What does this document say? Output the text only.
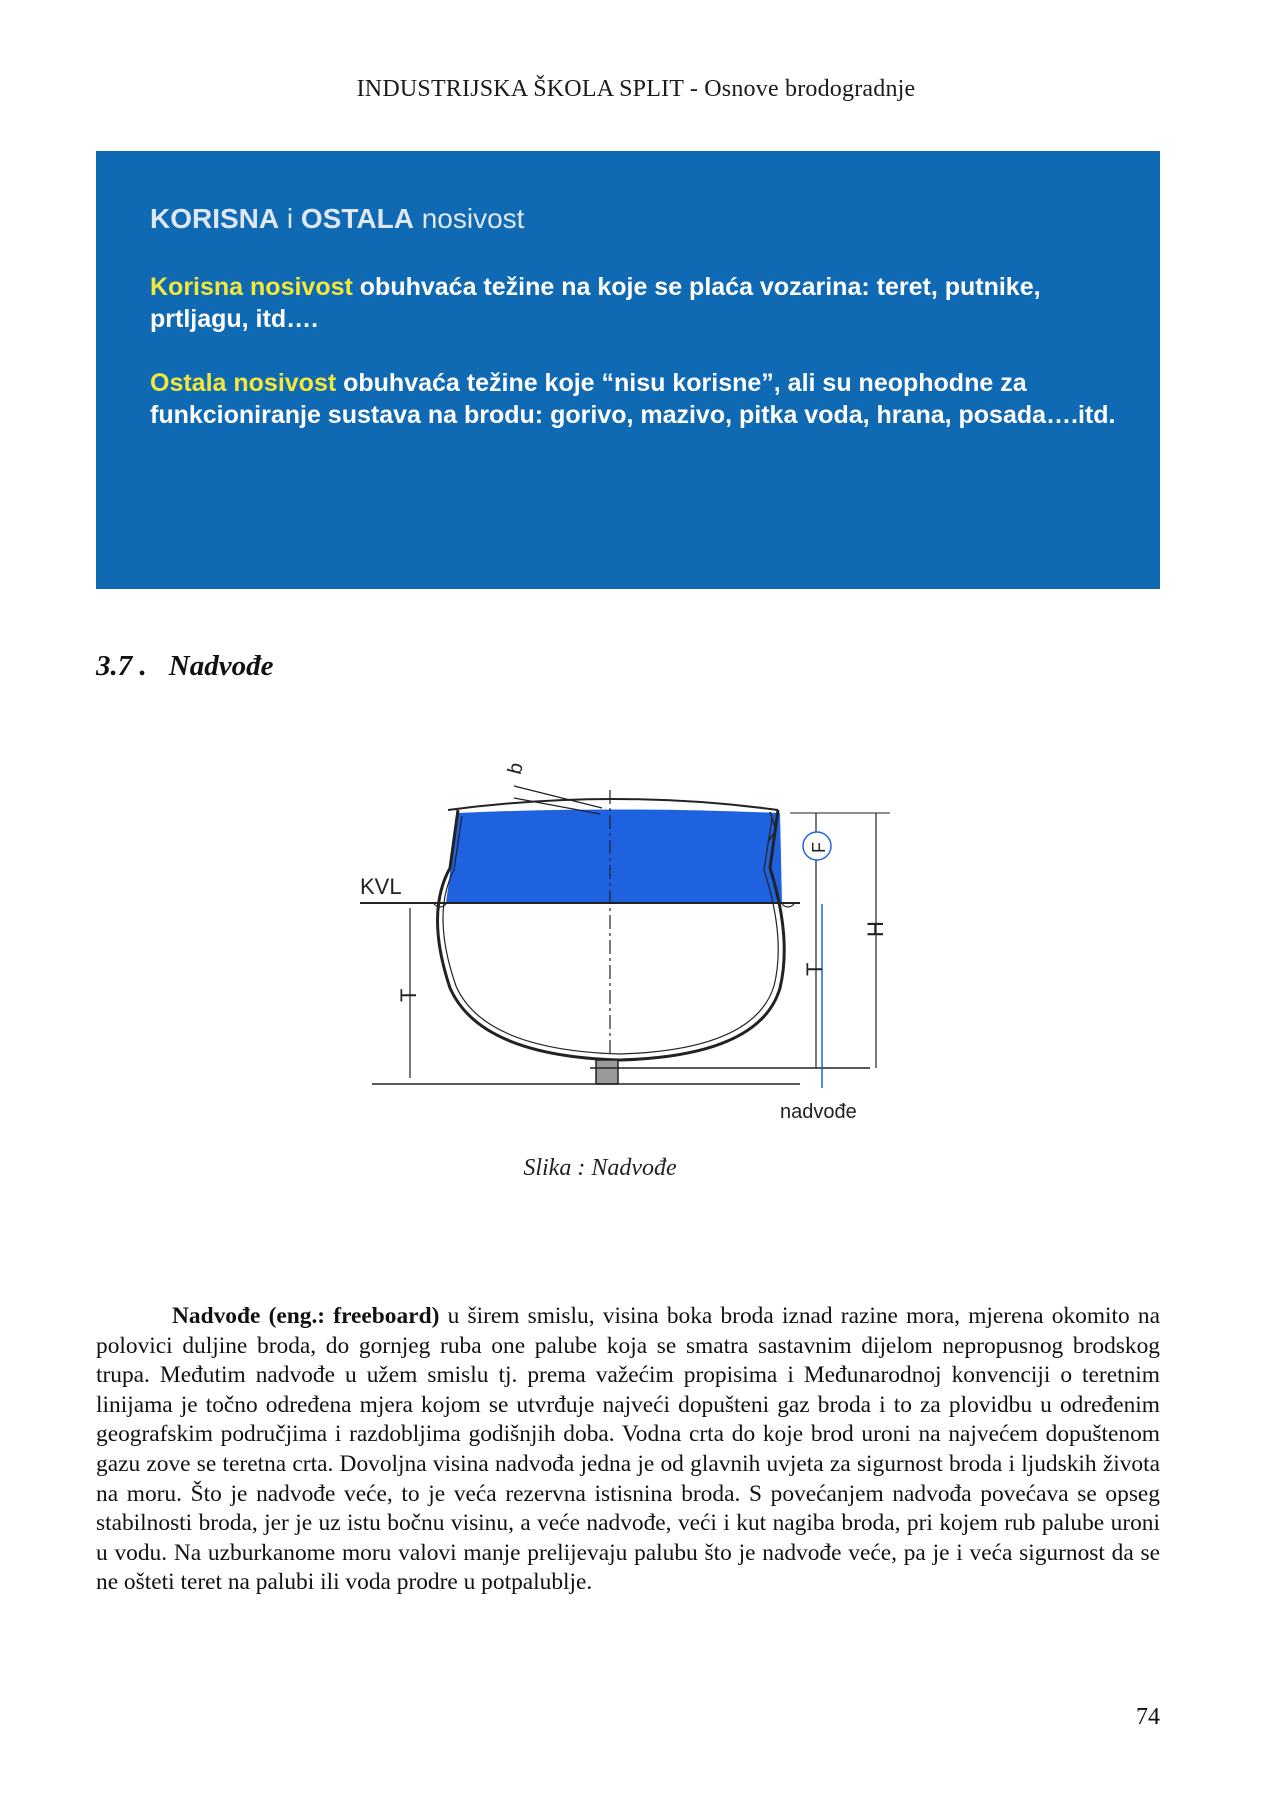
INDUSTRIJSKA ŠKOLA SPLIT - Osnove brodogradnje
KORISNA i OSTALA nosivost
Korisna nosivost obuhvaća težine na koje se plaća vozarina: teret, putnike, prtljagu, itd….
Ostala nosivost obuhvaća težine koje “nisu korisne”, ali su neophodne za funkcioniranje sustava na brodu: gorivo, mazivo, pitka voda, hrana, posada….itd.
3.7 . Nadvođe
KVL
b
F
H
T
T
nadvođe
Slika : Nadvođe
Nadvođe (eng.: freeboard) u širem smislu, visina boka broda iznad razine mora, mjerena okomito na polovici duljine broda, do gornjeg ruba one palube koja se smatra sastavnim dijelom nepropusnog brodskog trupa. Međutim nadvođe u užem smislu tj. prema važećim propisima i Međunarodnoj konvenciji o teretnim linijama je točno određena mjera kojom se utvrđuje najveći dopušteni gaz broda i to za plovidbu u određenim geografskim područjima i razdobljima godišnjih doba. Vodna crta do koje brod uroni na najvećem dopuštenom gazu zove se teretna crta. Dovoljna visina nadvođa jedna je od glavnih uvjeta za sigurnost broda i ljudskih života na moru. Što je nadvođe veće, to je veća rezervna istisnina broda. S povećanjem nadvođa povećava se opseg stabilnosti broda, jer je uz istu bočnu visinu, a veće nadvođe, veći i kut nagiba broda, pri kojem rub palube uroni u vodu. Na uzburkanome moru valovi manje prelijevaju palubu što je nadvođe veće, pa je i veća sigurnost da se ne ošteti teret na palubi ili voda prodre u potpalublje.
74
